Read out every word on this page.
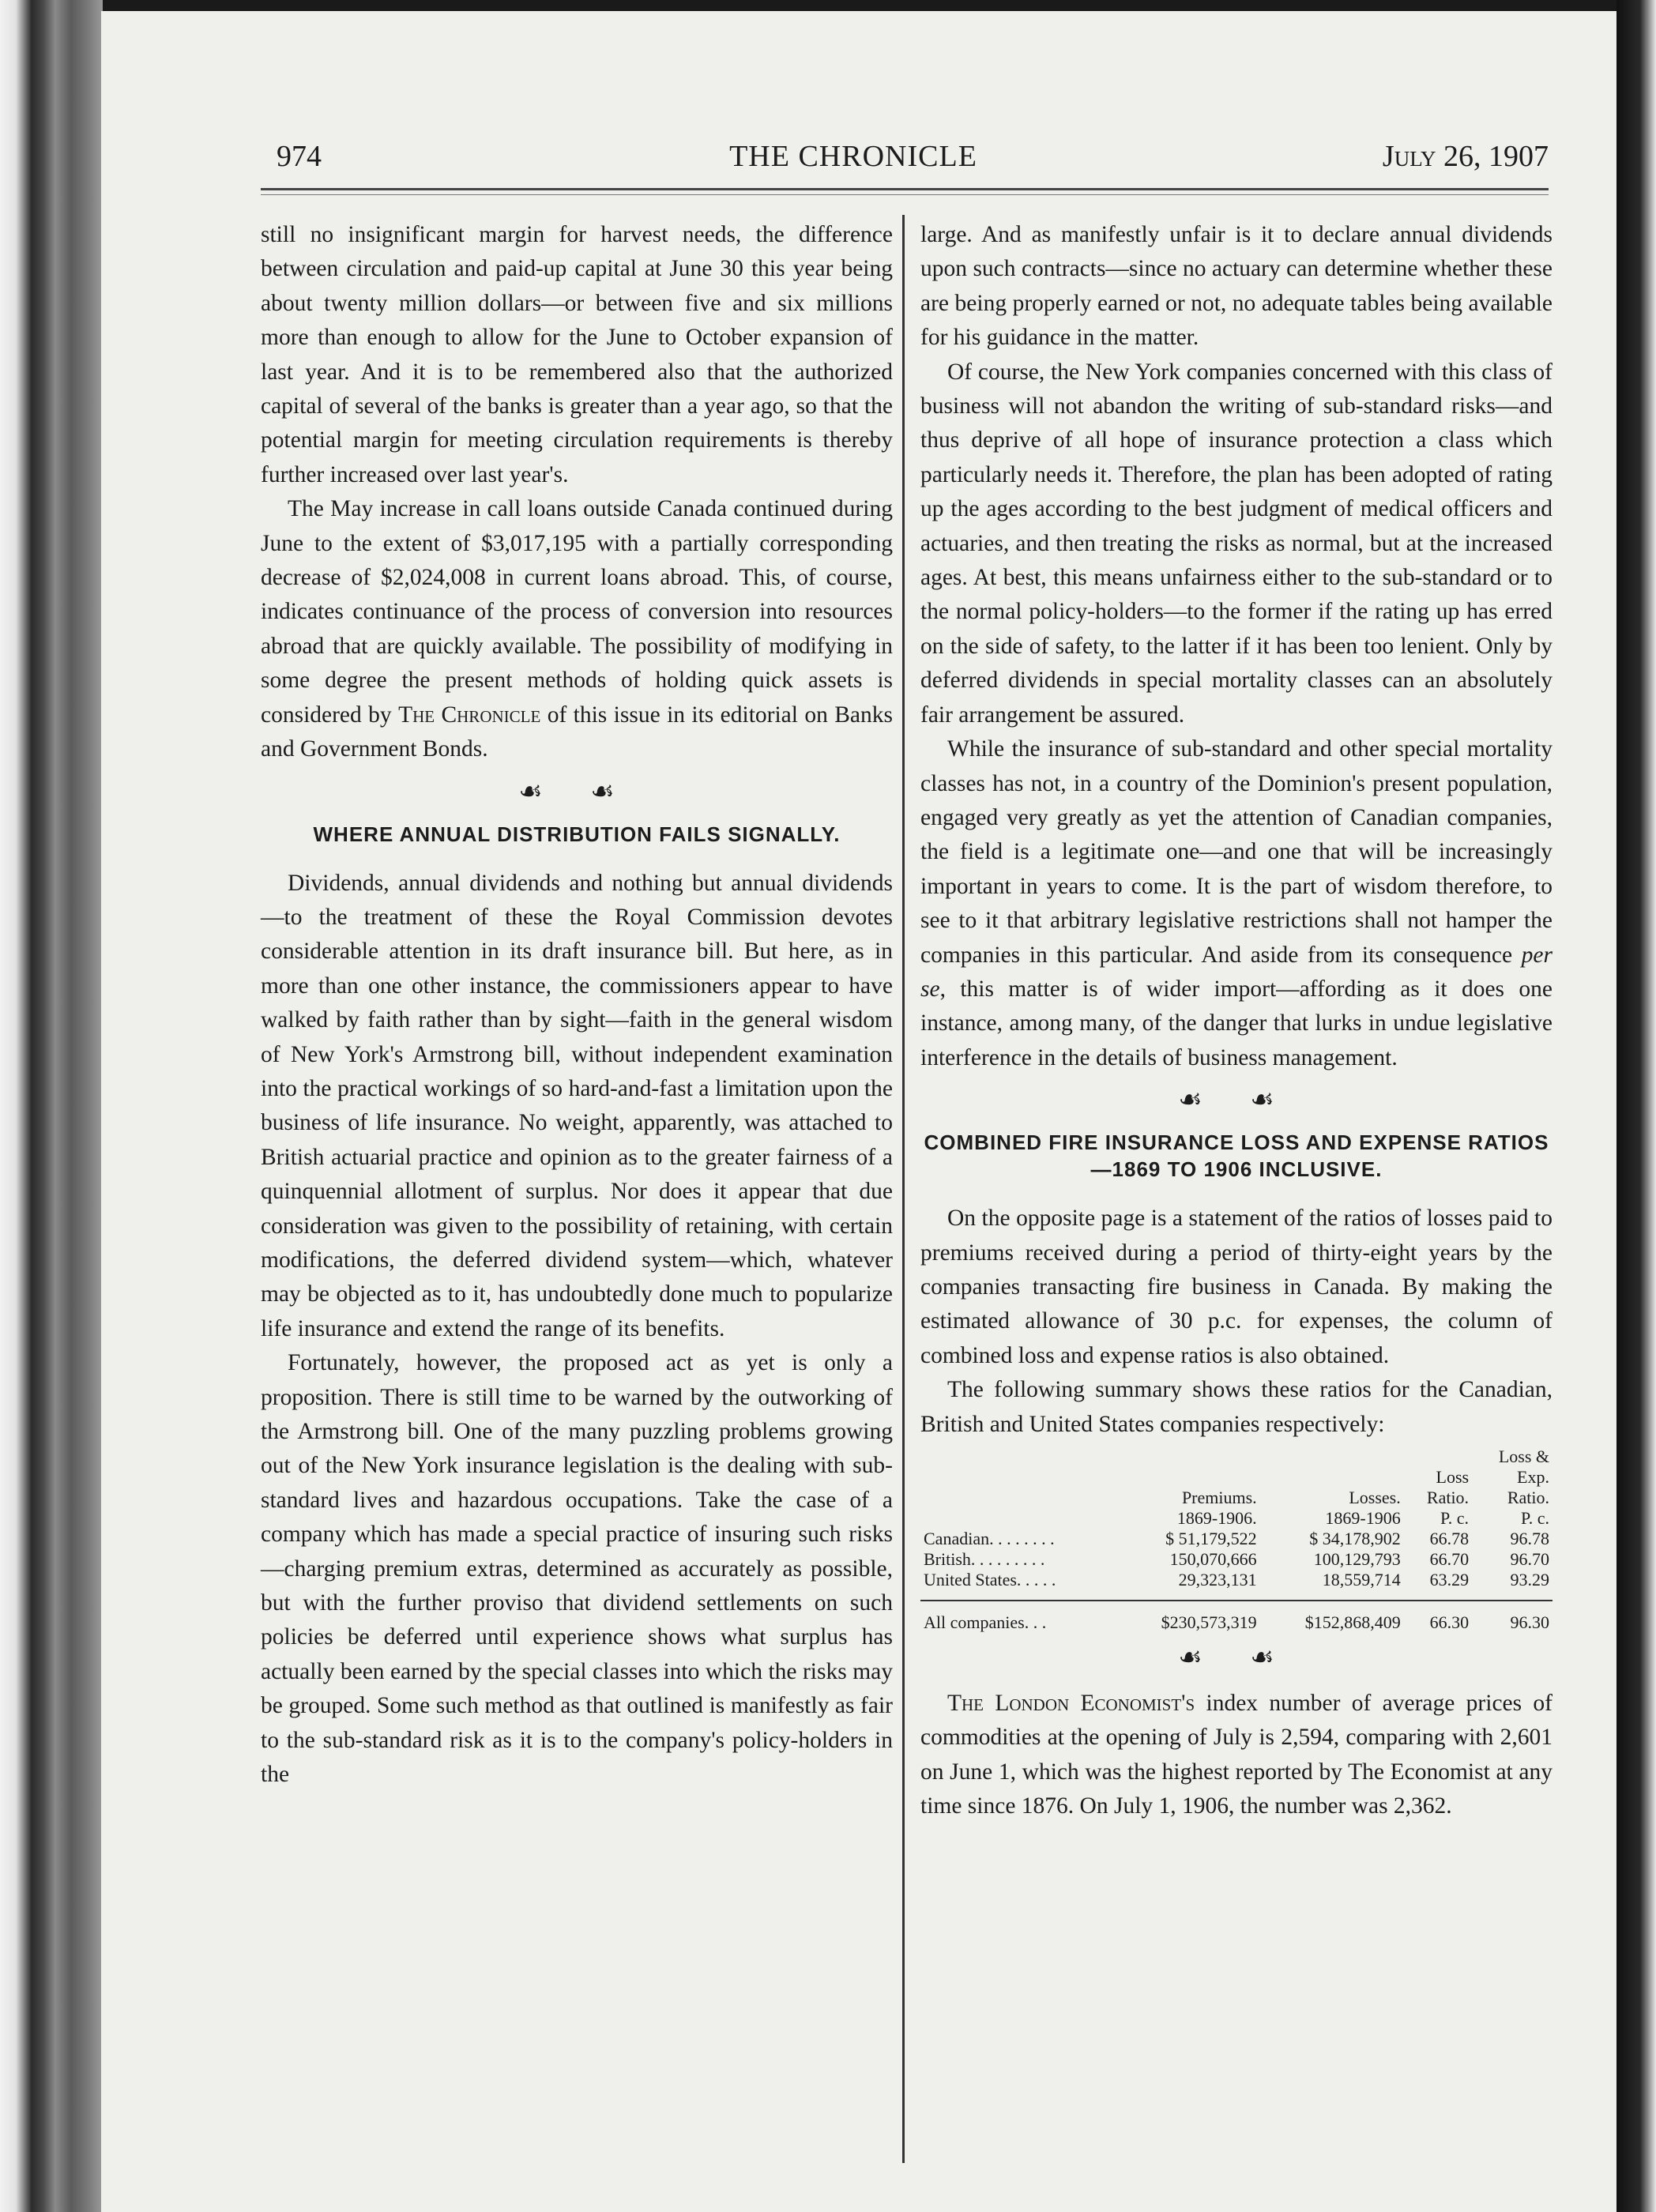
974	THE CHRONICLE	July 26, 1907

still no insignificant margin for harvest needs, the difference between circulation and paid-up capital at June 30 this year being about twenty million dollars—or between five and six millions more than enough to allow for the June to October expansion of last year. And it is to be remembered also that the authorized capital of several of the banks is greater than a year ago, so that the potential margin for meeting circulation requirements is thereby further increased over last year's.

The May increase in call loans outside Canada continued during June to the extent of $3,017,195 with a partially corresponding decrease of $2,024,008 in current loans abroad. This, of course, indicates continuance of the process of conversion into resources abroad that are quickly available. The possibility of modifying in some degree the present methods of holding quick assets is considered by The Chronicle of this issue in its editorial on Banks and Government Bonds.

☙ ☙
WHERE ANNUAL DISTRIBUTION FAILS SIGNALLY.

Dividends, annual dividends and nothing but annual dividends—to the treatment of these the Royal Commission devotes considerable attention in its draft insurance bill. But here, as in more than one other instance, the commissioners appear to have walked by faith rather than by sight—faith in the general wisdom of New York's Armstrong bill, without independent examination into the practical workings of so hard-and-fast a limitation upon the business of life insurance. No weight, apparently, was attached to British actuarial practice and opinion as to the greater fairness of a quinquennial allotment of surplus. Nor does it appear that due consideration was given to the possibility of retaining, with certain modifications, the deferred dividend system—which, whatever may be objected as to it, has undoubtedly done much to popularize life insurance and extend the range of its benefits.

Fortunately, however, the proposed act as yet is only a proposition. There is still time to be warned by the outworking of the Armstrong bill. One of the many puzzling problems growing out of the New York insurance legislation is the dealing with sub-standard lives and hazardous occupations. Take the case of a company which has made a special practice of insuring such risks—charging premium extras, determined as accurately as possible, but with the further proviso that dividend settlements on such policies be deferred until experience shows what surplus has actually been earned by the special classes into which the risks may be grouped. Some such method as that outlined is manifestly as fair to the sub-standard risk as it is to the company's policy-holders in the

large. And as manifestly unfair is it to declare annual dividends upon such contracts—since no actuary can determine whether these are being properly earned or not, no adequate tables being available for his guidance in the matter.

Of course, the New York companies concerned with this class of business will not abandon the writing of sub-standard risks—and thus deprive of all hope of insurance protection a class which particularly needs it. Therefore, the plan has been adopted of rating up the ages according to the best judgment of medical officers and actuaries, and then treating the risks as normal, but at the increased ages. At best, this means unfairness either to the sub-standard or to the normal policy-holders—to the former if the rating up has erred on the side of safety, to the latter if it has been too lenient. Only by deferred dividends in special mortality classes can an absolutely fair arrangement be assured.

While the insurance of sub-standard and other special mortality classes has not, in a country of the Dominion's present population, engaged very greatly as yet the attention of Canadian companies, the field is a legitimate one—and one that will be increasingly important in years to come. It is the part of wisdom therefore, to see to it that arbitrary legislative restrictions shall not hamper the companies in this particular. And aside from its consequence per se, this matter is of wider import—affording as it does one instance, among many, of the danger that lurks in undue legislative interference in the details of business management.

☙ ☙
COMBINED FIRE INSURANCE LOSS AND EXPENSE RATIOS—1869 TO 1906 INCLUSIVE.

On the opposite page is a statement of the ratios of losses paid to premiums received during a period of thirty-eight years by the companies transacting fire business in Canada. By making the estimated allowance of 30 p.c. for expenses, the column of combined loss and expense ratios is also obtained.

The following summary shows these ratios for the Canadian, British and United States companies respectively:

				Loss &
			Loss	Exp.
	Premiums.	Losses.	Ratio.	Ratio.
	1869-1906.	1869-1906	P. c.	P. c.
Canadian. . . . . . . .	$ 51,179,522	$ 34,178,902	66.78	96.78
British. . . . . . . . .	150,070,666	100,129,793	66.70	96.70
United States. . . . .	29,323,131	18,559,714	63.29	93.29

All companies. . .	$230,573,319	$152,868,409	66.30	96.30
☙ ☙

The London Economist's index number of average prices of commodities at the opening of July is 2,594, comparing with 2,601 on June 1, which was the highest reported by The Economist at any time since 1876. On July 1, 1906, the number was 2,362.
